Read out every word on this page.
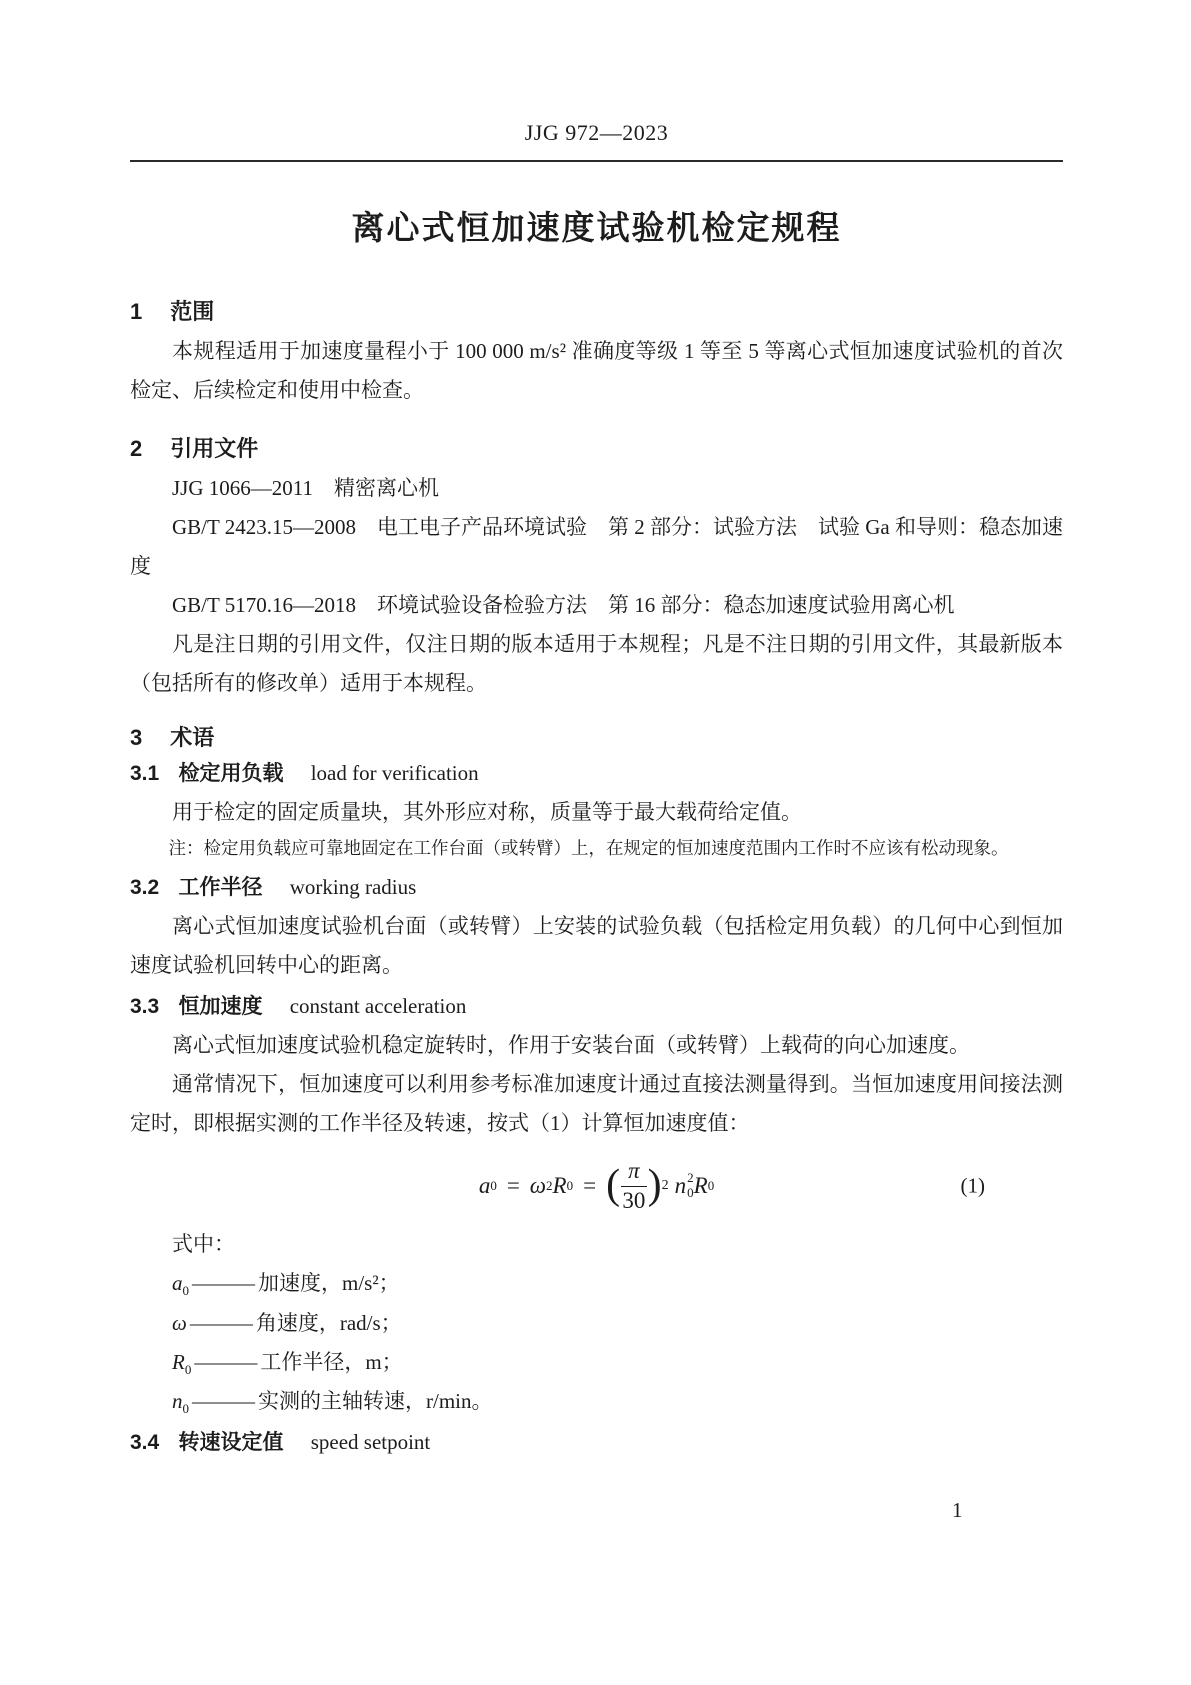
JJG 972—2023
离心式恒加速度试验机检定规程
1 范围

本规程适用于加速度量程小于 100 000 m/s² 准确度等级 1 等至 5 等离心式恒加速度试验机的首次检定、后续检定和使用中检查。

2 引用文件

JJG 1066—2011　精密离心机

GB/T 2423.15—2008　电工电子产品环境试验　第 2 部分：试验方法　试验 Ga 和导则：稳态加速度

GB/T 5170.16—2018　环境试验设备检验方法　第 16 部分：稳态加速度试验用离心机

凡是注日期的引用文件，仅注日期的版本适用于本规程；凡是不注日期的引用文件，其最新版本（包括所有的修改单）适用于本规程。

3 术语

3.1 检定用负载 load for verification

用于检定的固定质量块，其外形应对称，质量等于最大载荷给定值。

注：检定用负载应可靠地固定在工作台面（或转臂）上，在规定的恒加速度范围内工作时不应该有松动现象。

3.2 工作半径 working radius

离心式恒加速度试验机台面（或转臂）上安装的试验负载（包括检定用负载）的几何中心到恒加速度试验机回转中心的距离。

3.3 恒加速度 constant acceleration

离心式恒加速度试验机稳定旋转时，作用于安装台面（或转臂）上载荷的向心加速度。

通常情况下，恒加速度可以利用参考标准加速度计通过直接法测量得到。当恒加速度用间接法测定时，即根据实测的工作半径及转速，按式（1）计算恒加速度值：

a 0 = ω 2 R 0 = ( $\frac{\pi}{30}$ ) 2 n 2
0 R 0	(1)

式中：

$a_0$ ——— 加速度，m/s²；

ω ——— 角速度，rad/s；

$R_0$ ——— 工作半径，m；

$n_0$ ——— 实测的主轴转速，r/min。

3.4 转速设定值 speed setpoint

1
